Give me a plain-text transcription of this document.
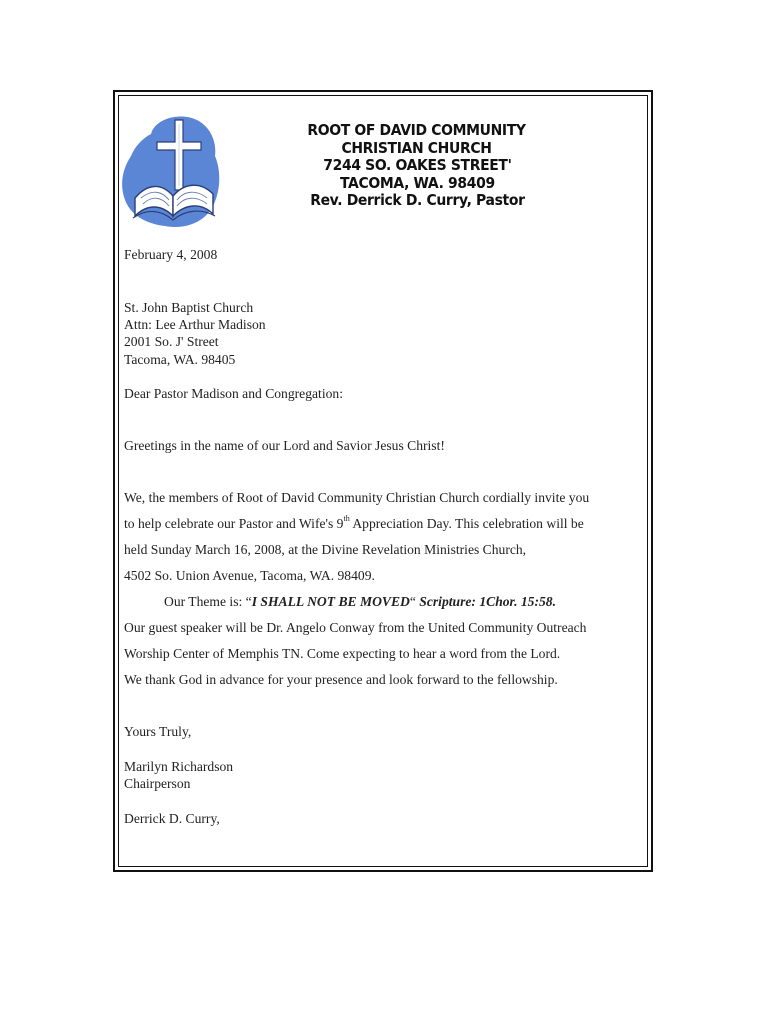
ROOT OF DAVID COMMUNITY CHRISTIAN CHURCH
7244 SO. OAKES STREET'
TACOMA, WA. 98409
Rev. Derrick D. Curry, Pastor
February 4, 2008
St. John Baptist Church
Attn: Lee Arthur Madison
2001 So. J' Street
Tacoma, WA. 98405
Dear Pastor Madison and Congregation:
Greetings in the name of our Lord and Savior Jesus Christ!
We, the members of Root of David Community Christian Church cordially invite you
to help celebrate our Pastor and Wife's 9th Appreciation Day. This celebration will be
held Sunday March 16, 2008, at the Divine Revelation Ministries Church,
4502 So. Union Avenue, Tacoma, WA. 98409.
Our Theme is: “I SHALL NOT BE MOVED“ Scripture: 1Chor. 15:58.
Our guest speaker will be Dr. Angelo Conway from the United Community Outreach
Worship Center of Memphis TN. Come expecting to hear a word from the Lord.
We thank God in advance for your presence and look forward to the fellowship.
Yours Truly,
Marilyn Richardson
Chairperson
Derrick D. Curry,
